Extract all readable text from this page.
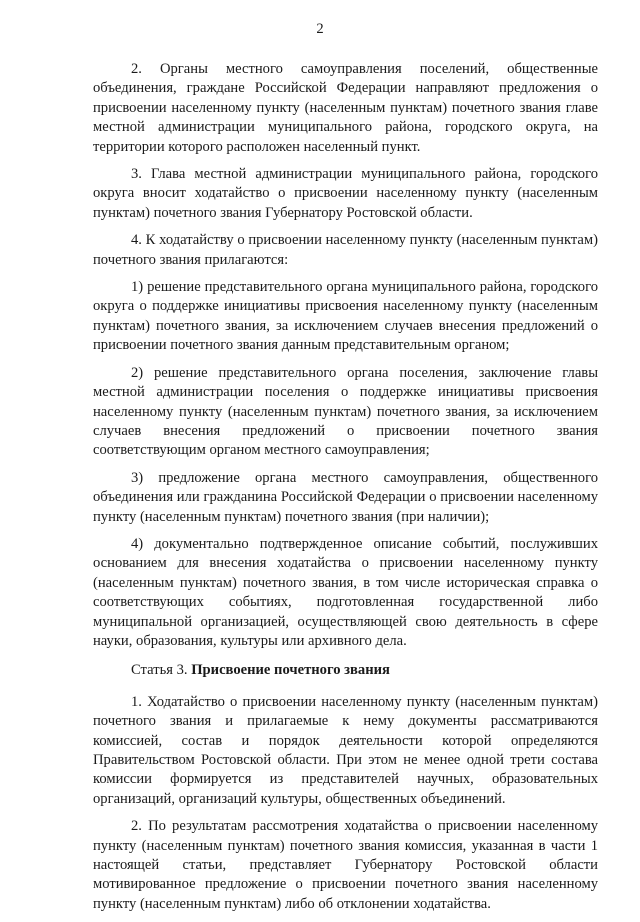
2

2. Органы местного самоуправления поселений, общественные объединения, граждане Российской Федерации направляют предложения о присвоении населенному пункту (населенным пунктам) почетного звания главе местной администрации муниципального района, городского округа, на территории которого расположен населенный пункт.

3. Глава местной администрации муниципального района, городского округа вносит ходатайство о присвоении населенному пункту (населенным пунктам) почетного звания Губернатору Ростовской области.

4. К ходатайству о присвоении населенному пункту (населенным пунктам) почетного звания прилагаются:

1) решение представительного органа муниципального района, городского округа о поддержке инициативы присвоения населенному пункту (населенным пунктам) почетного звания, за исключением случаев внесения предложений о присвоении почетного звания данным представительным органом;

2) решение представительного органа поселения, заключение главы местной администрации поселения о поддержке инициативы присвоения населенному пункту (населенным пунктам) почетного звания, за исключением случаев внесения предложений о присвоении почетного звания соответствующим органом местного самоуправления;

3) предложение органа местного самоуправления, общественного объединения или гражданина Российской Федерации о присвоении населенному пункту (населенным пунктам) почетного звания (при наличии);

4) документально подтвержденное описание событий, послуживших основанием для внесения ходатайства о присвоении населенному пункту (населенным пунктам) почетного звания, в том числе историческая справка о соответствующих событиях, подготовленная государственной либо муниципальной организацией, осуществляющей свою деятельность в сфере науки, образования, культуры или архивного дела.

Статья 3. Присвоение почетного звания

1. Ходатайство о присвоении населенному пункту (населенным пунктам) почетного звания и прилагаемые к нему документы рассматриваются комиссией, состав и порядок деятельности которой определяются Правительством Ростовской области. При этом не менее одной трети состава комиссии формируется из представителей научных, образовательных организаций, организаций культуры, общественных объединений.

2. По результатам рассмотрения ходатайства о присвоении населенному пункту (населенным пунктам) почетного звания комиссия, указанная в части 1 настоящей статьи, представляет Губернатору Ростовской области мотивированное предложение о присвоении почетного звания населенному пункту (населенным пунктам) либо об отклонении ходатайства.
